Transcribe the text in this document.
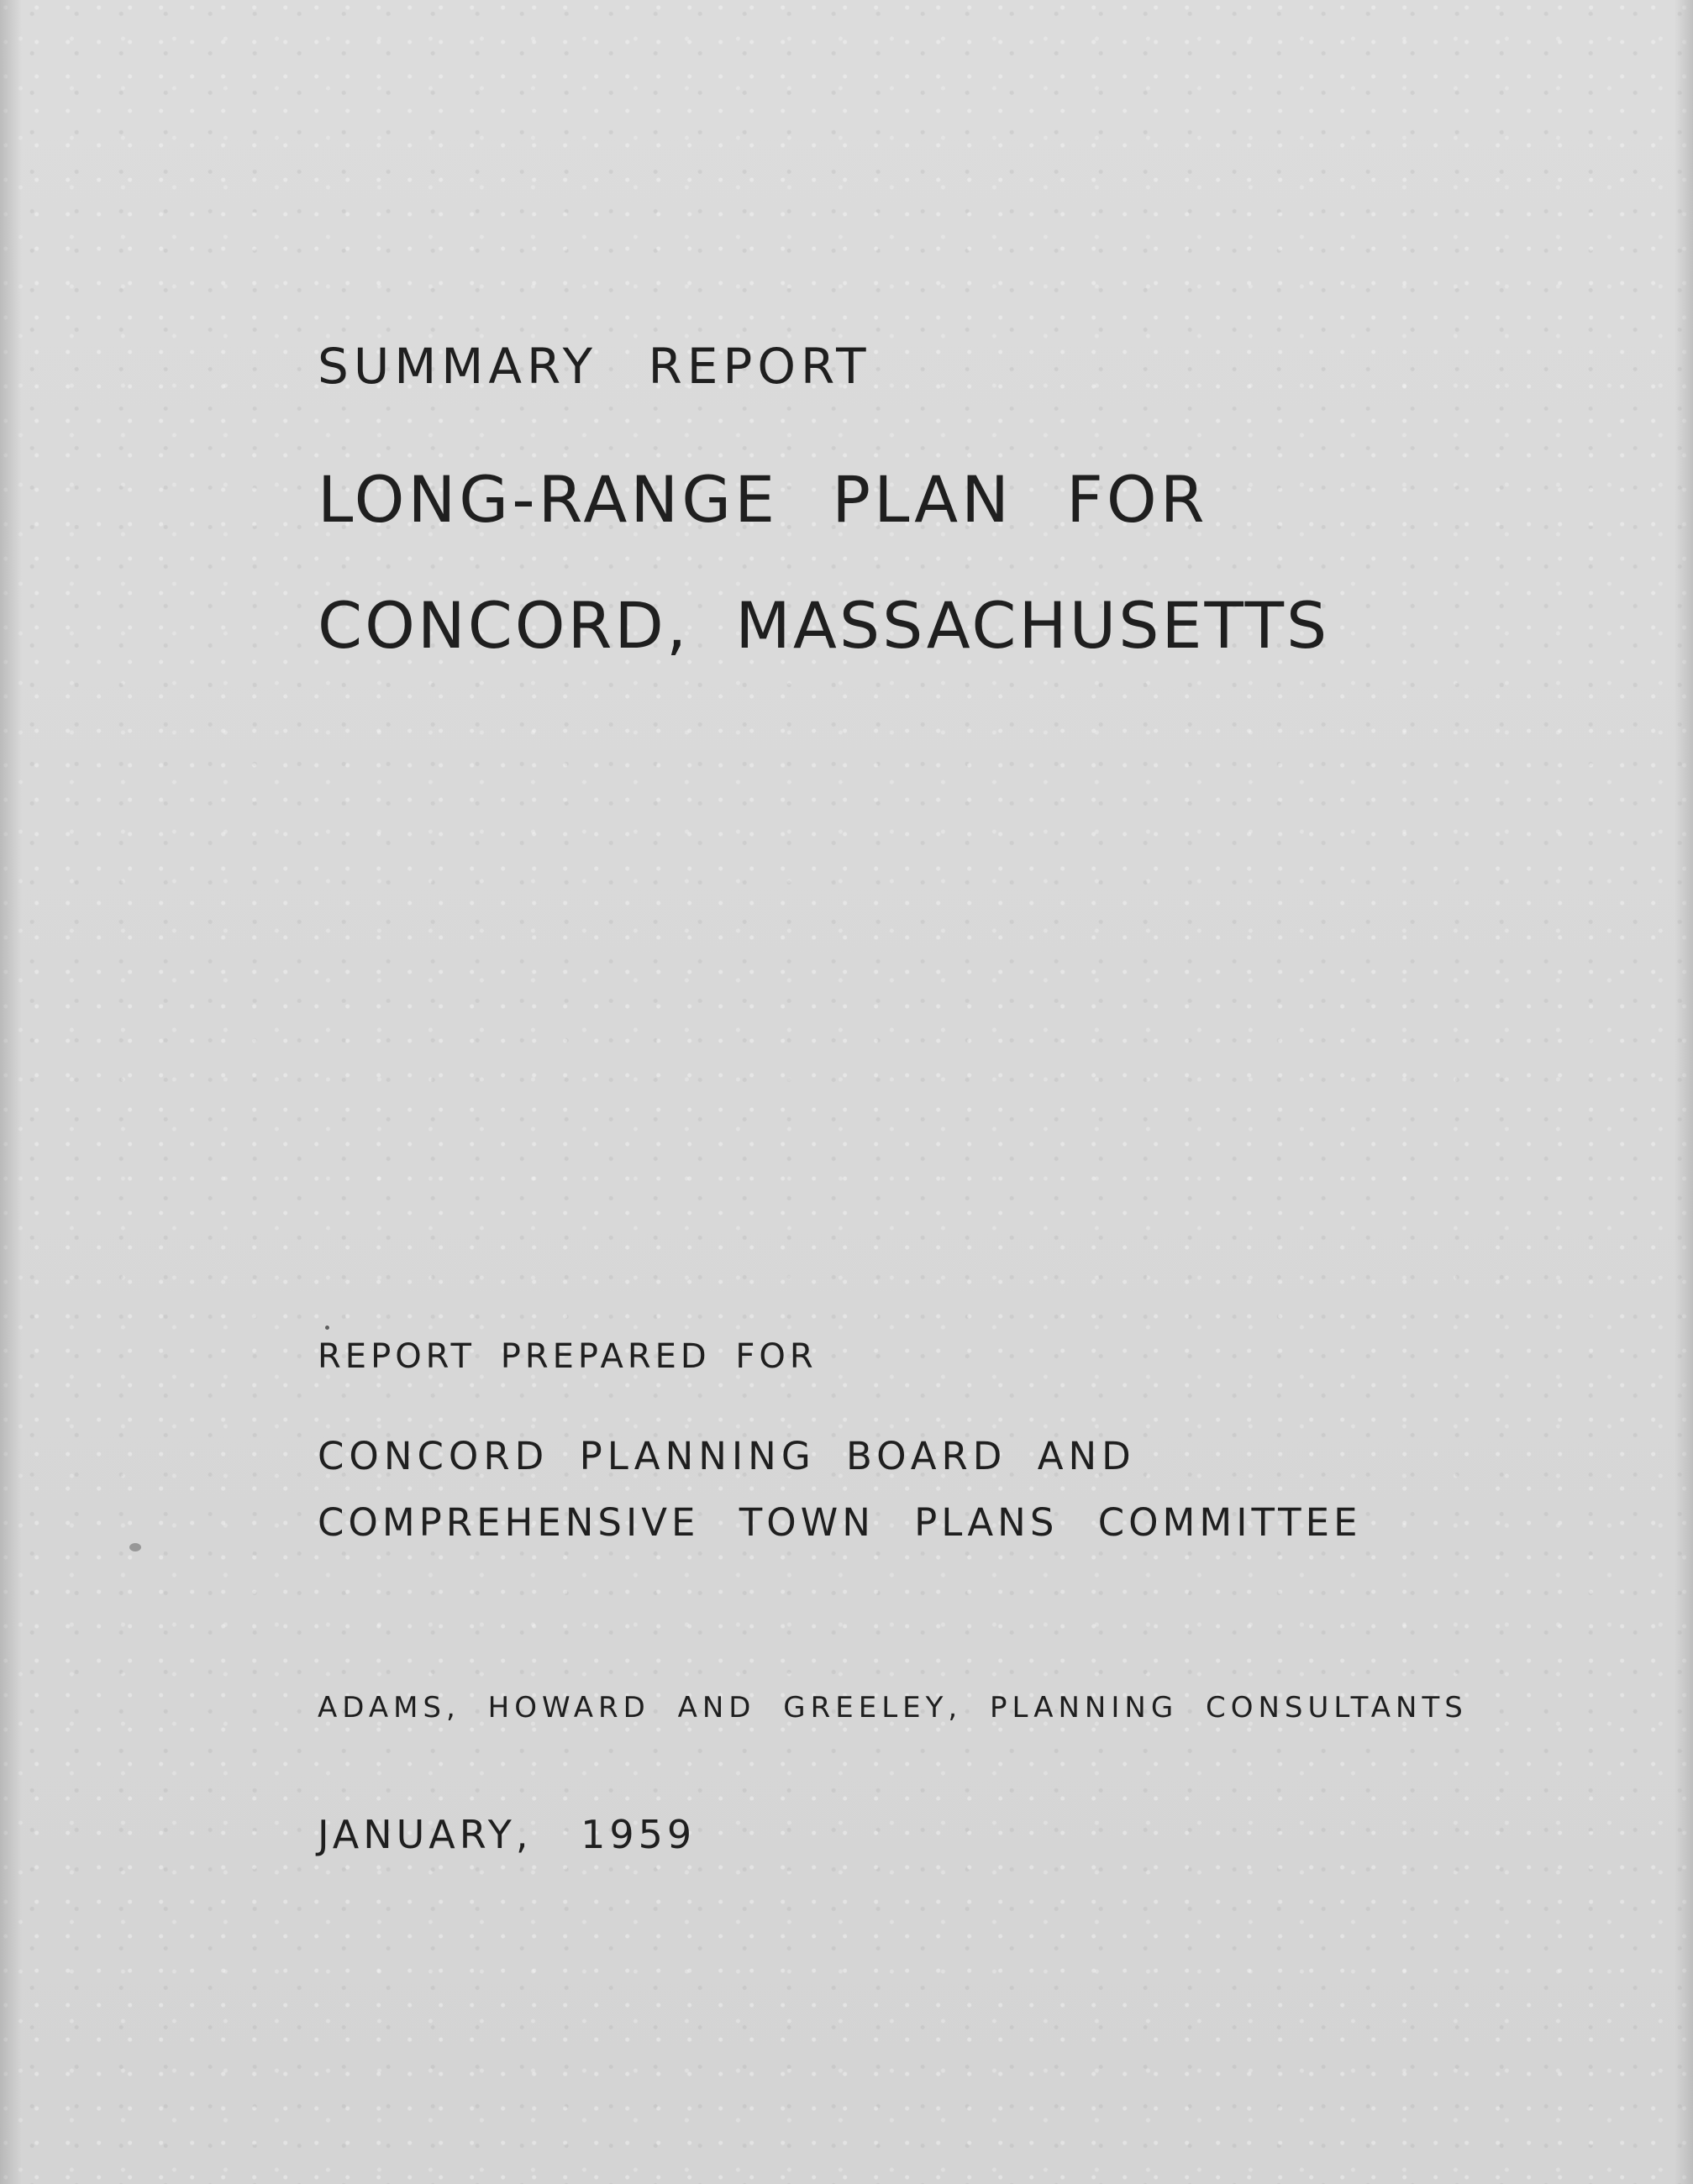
SUMMARY REPORT

LONG-RANGE PLAN FOR
CONCORD, MASSACHUSETTS

REPORT PREPARED FOR

CONCORD PLANNING BOARD AND

COMPREHENSIVE TOWN PLANS COMMITTEE

ADAMS, HOWARD AND GREELEY, PLANNING CONSULTANTS

JANUARY, 1959
